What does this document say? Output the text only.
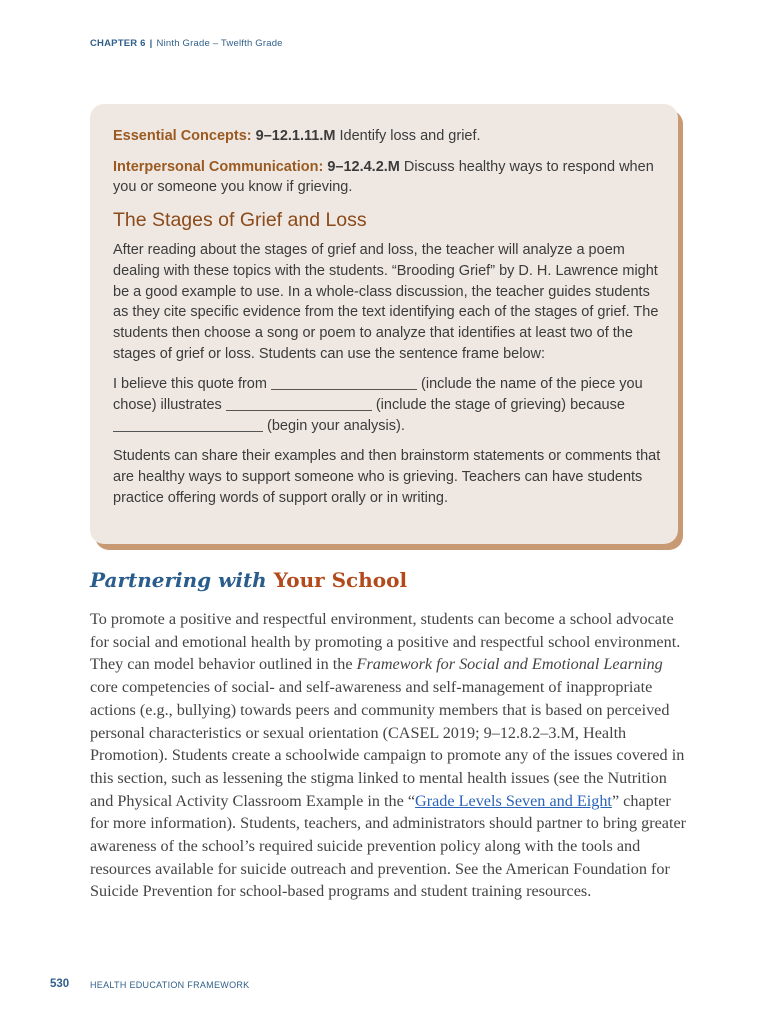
CHAPTER 6 | Ninth Grade – Twelfth Grade

Essential Concepts: 9–12.1.11.M Identify loss and grief.

Interpersonal Communication: 9–12.4.2.M Discuss healthy ways to respond when you or someone you know if grieving.

The Stages of Grief and Loss

After reading about the stages of grief and loss, the teacher will analyze a poem dealing with these topics with the students. “Brooding Grief” by D. H. Lawrence might be a good example to use. In a whole-class discussion, the teacher guides students as they cite specific evidence from the text identifying each of the stages of grief. The students then choose a song or poem to analyze that identifies at least two of the stages of grief or loss. Students can use the sentence frame below:

I believe this quote from	(include the name of the piece you chose) illustrates	(include the stage of grieving) because  (begin your analysis).

Students can share their examples and then brainstorm statements or comments that are healthy ways to support someone who is grieving. Teachers can have students practice offering words of support orally or in writing.

Partnering with Your School

To promote a positive and respectful environment, students can become a school advocate for social and emotional health by promoting a positive and respectful school environment. They can model behavior outlined in the Framework for Social and Emotional Learning core competencies of social- and self-awareness and self-management of inappropriate actions (e.g., bullying) towards peers and community members that is based on perceived personal characteristics or sexual orientation (CASEL 2019; 9–12.8.2–3.M, Health Promotion). Students create a schoolwide campaign to promote any of the issues covered in this section, such as lessening the stigma linked to mental health issues (see the Nutrition and Physical Activity Classroom Example in the “Grade Levels Seven and Eight” chapter for more information). Students, teachers, and administrators should partner to bring greater awareness of the school’s required suicide prevention policy along with the tools and resources available for suicide outreach and prevention. See the American Foundation for Suicide Prevention for school-based programs and student training resources.

530 HEALTH EDUCATION FRAMEWORK
